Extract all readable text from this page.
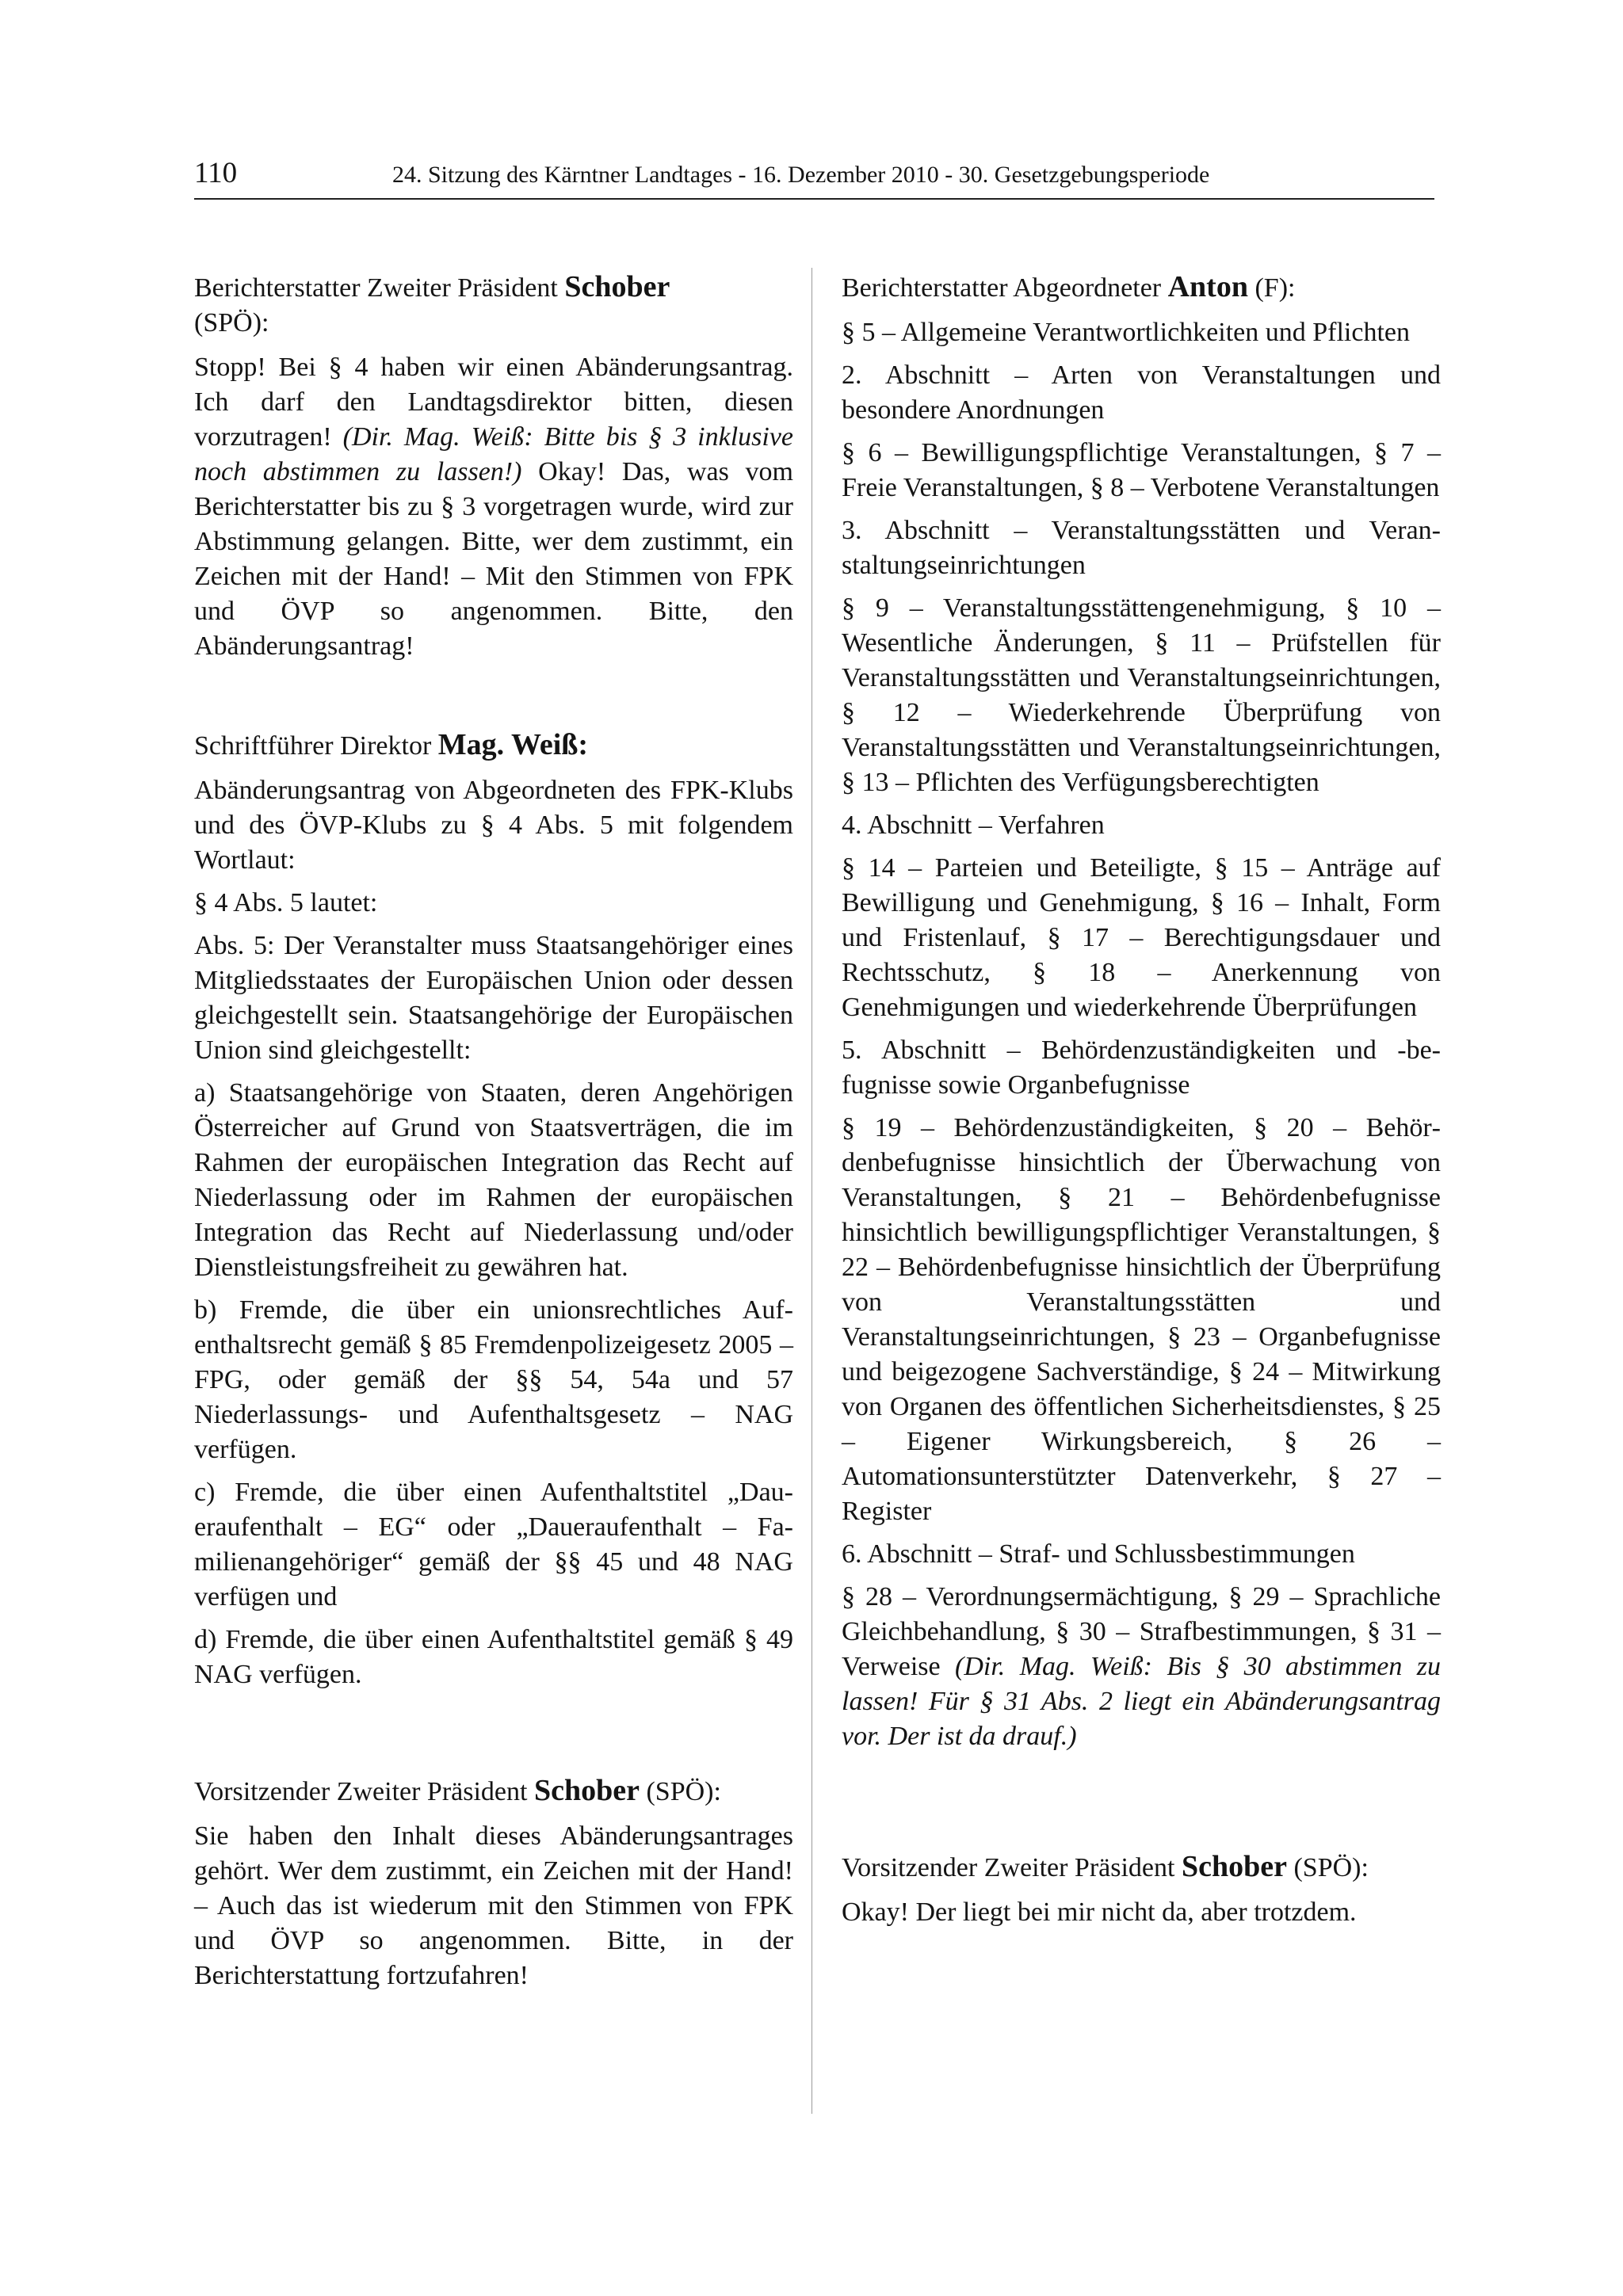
110	24. Sitzung des Kärntner Landtages - 16. Dezember 2010 - 30. Gesetzgebungsperiode

Berichterstatter Zweiter Präsident Schober
(SPÖ):

Stopp! Bei § 4 haben wir einen Abänderungsantrag. Ich darf den Landtagsdirektor bitten, diesen vorzutragen! (Dir. Mag. Weiß: Bitte bis § 3 inklusive noch abstimmen zu lassen!) Okay! Das, was vom Berichterstatter bis zu § 3 vorgetragen wurde, wird zur Abstimmung gelangen. Bitte, wer dem zustimmt, ein Zeichen mit der Hand! – Mit den Stimmen von FPK und ÖVP so angenommen. Bitte, den Abänderungsantrag!

Schriftführer Direktor Mag. Weiß:

Abänderungsantrag von Abgeordneten des FPK-Klubs und des ÖVP-Klubs zu § 4 Abs. 5 mit folgendem Wortlaut:

§ 4 Abs. 5 lautet:

Abs. 5: Der Veranstalter muss Staatsangehöriger eines Mitgliedsstaates der Europäischen Union oder dessen gleichgestellt sein. Staatsangehörige der Europäischen Union sind gleichgestellt:

a) Staatsangehörige von Staaten, deren Angehörigen Österreicher auf Grund von Staatsverträgen, die im Rahmen der europäischen Integration das Recht auf Niederlassung oder im Rahmen der europäischen Integration das Recht auf Niederlassung und/oder Dienstleistungsfreiheit zu gewähren hat.

b) Fremde, die über ein unionsrechtliches Aufenthaltsrecht gemäß § 85 Fremdenpolizeigesetz 2005 – FPG, oder gemäß der §§ 54, 54a und 57 Niederlassungs- und Aufenthaltsgesetz – NAG verfügen.

c) Fremde, die über einen Aufenthaltstitel „Daueraufenthalt – EG“ oder „Daueraufenthalt – Familienangehöriger“ gemäß der §§ 45 und 48 NAG verfügen und

d) Fremde, die über einen Aufenthaltstitel gemäß § 49 NAG verfügen.

Vorsitzender Zweiter Präsident Schober (SPÖ):

Sie haben den Inhalt dieses Abänderungsantrages gehört. Wer dem zustimmt, ein Zeichen mit der Hand! – Auch das ist wiederum mit den Stimmen von FPK und ÖVP so angenommen. Bitte, in der Berichterstattung fortzufahren!

Berichterstatter Abgeordneter Anton (F):

§ 5 – Allgemeine Verantwortlichkeiten und Pflichten

2. Abschnitt – Arten von Veranstaltungen und besondere Anordnungen

§ 6 – Bewilligungspflichtige Veranstaltungen, § 7 – Freie Veranstaltungen, § 8 – Verbotene Veranstaltungen

3. Abschnitt – Veranstaltungsstätten und Veranstaltungseinrichtungen

§ 9 – Veranstaltungsstättengenehmigung, § 10 – Wesentliche Änderungen, § 11 – Prüfstellen für Veranstaltungsstätten und Veranstaltungseinrichtungen, § 12 – Wiederkehrende Überprüfung von Veranstaltungsstätten und Veranstaltungseinrichtungen, § 13 – Pflichten des Verfügungsberechtigten

4. Abschnitt – Verfahren

§ 14 – Parteien und Beteiligte, § 15 – Anträge auf Bewilligung und Genehmigung, § 16 – Inhalt, Form und Fristenlauf, § 17 – Berechtigungsdauer und Rechtsschutz, § 18 – Anerkennung von Genehmigungen und wiederkehrende Überprüfungen

5. Abschnitt – Behördenzuständigkeiten und -befugnisse sowie Organbefugnisse

§ 19 – Behördenzuständigkeiten, § 20 – Behördenbefugnisse hinsichtlich der Überwachung von Veranstaltungen, § 21 – Behördenbefugnisse hinsichtlich bewilligungspflichtiger Veranstaltungen, § 22 – Behördenbefugnisse hinsichtlich der Überprüfung von Veranstaltungsstätten und Veranstaltungseinrichtungen, § 23 – Organbefugnisse und beigezogene Sachverständige, § 24 – Mitwirkung von Organen des öffentlichen Sicherheitsdienstes, § 25 – Eigener Wirkungsbereich, § 26 – Automationsunterstützter Datenverkehr, § 27 – Register

6. Abschnitt – Straf- und Schlussbestimmungen

§ 28 – Verordnungsermächtigung, § 29 – Sprachliche Gleichbehandlung, § 30 – Strafbestimmungen, § 31 – Verweise (Dir. Mag. Weiß: Bis § 30 abstimmen zu lassen! Für § 31 Abs. 2 liegt ein Abänderungsantrag vor. Der ist da drauf.)

Vorsitzender Zweiter Präsident Schober (SPÖ):

Okay! Der liegt bei mir nicht da, aber trotzdem.
